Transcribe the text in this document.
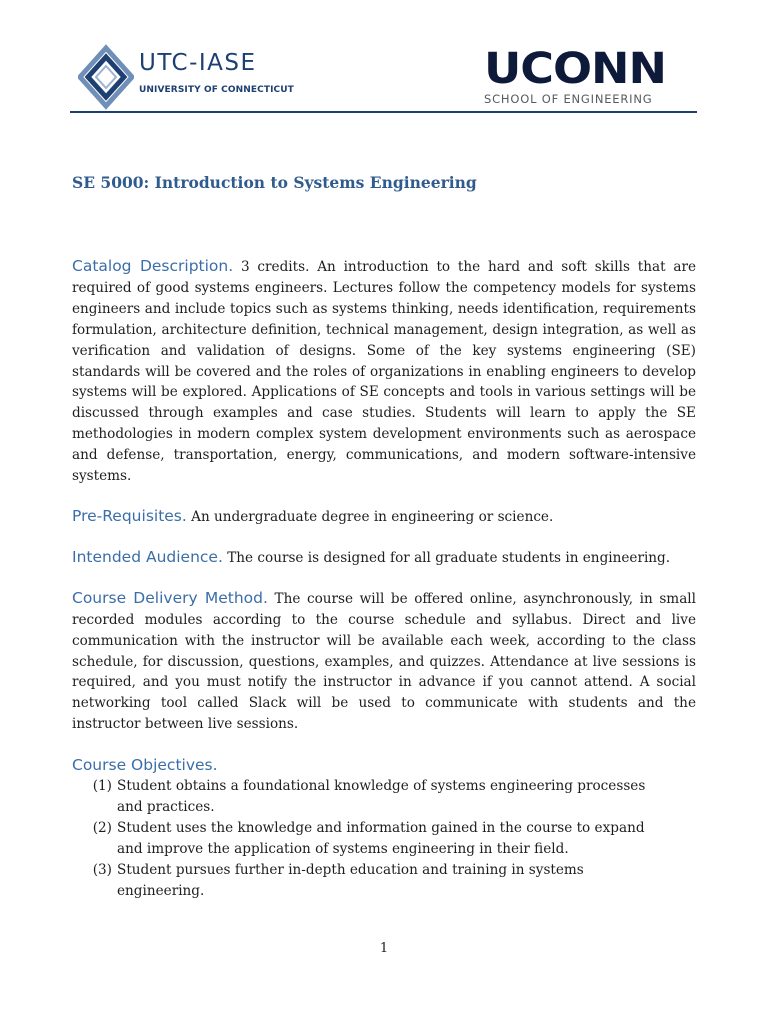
UTC-IASE
UNIVERSITY OF CONNECTICUT	UCONN
SCHOOL OF ENGINEERING
SE 5000: Introduction to Systems Engineering

Catalog Description. 3 credits. An introduction to the hard and soft skills that are required of good systems engineers. Lectures follow the competency models for systems engineers and include topics such as systems thinking, needs identification, requirements formulation, architecture definition, technical management, design integration, as well as verification and validation of designs. Some of the key systems engineering (SE) standards will be covered and the roles of organizations in enabling engineers to develop systems will be explored. Applications of SE concepts and tools in various settings will be discussed through examples and case studies. Students will learn to apply the SE methodologies in modern complex system development environments such as aerospace and defense, transportation, energy, communications, and modern software-intensive systems.

Pre-Requisites. An undergraduate degree in engineering or science.

Intended Audience. The course is designed for all graduate students in engineering.

Course Delivery Method. The course will be offered online, asynchronously, in small recorded modules according to the course schedule and syllabus. Direct and live communication with the instructor will be available each week, according to the class schedule, for discussion, questions, examples, and quizzes. Attendance at live sessions is required, and you must notify the instructor in advance if you cannot attend. A social networking tool called Slack will be used to communicate with students and the instructor between live sessions.

Course Objectives.

(1) Student obtains a foundational knowledge of systems engineering processes and practices.
(2) Student uses the knowledge and information gained in the course to expand and improve the application of systems engineering in their field.
(3) Student pursues further in-depth education and training in systems engineering.
1
